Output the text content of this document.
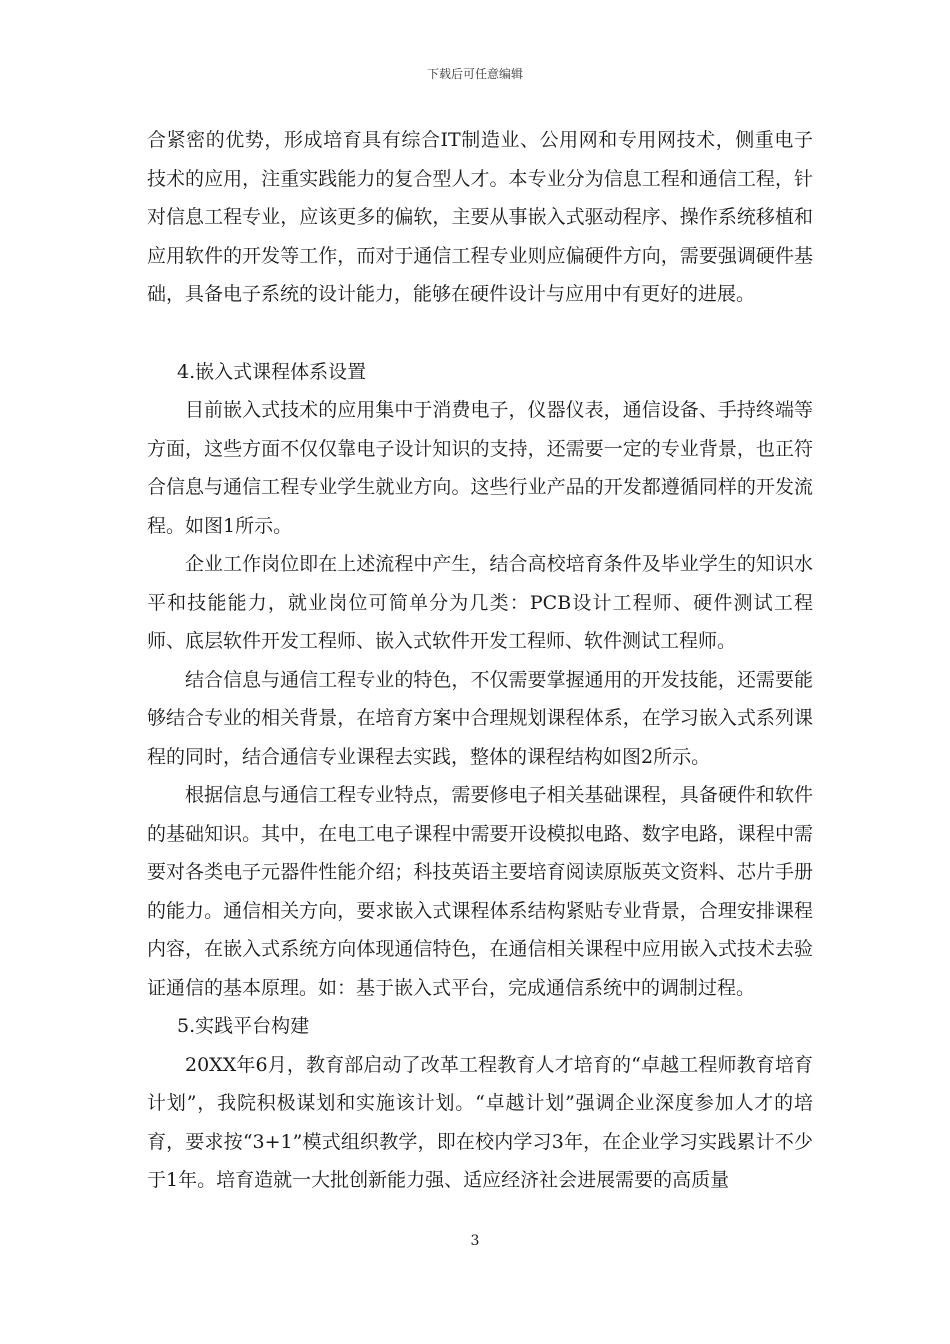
下载后可任意编辑

合紧密的优势，形成培育具有综合IT制造业、公用网和专用网技术，侧重电子技术的应用，注重实践能力的复合型人才。本专业分为信息工程和通信工程，针对信息工程专业，应该更多的偏软，主要从事嵌入式驱动程序、操作系统移植和应用软件的开发等工作，而对于通信工程专业则应偏硬件方向，需要强调硬件基础，具备电子系统的设计能力，能够在硬件设计与应用中有更好的进展。

4.嵌入式课程体系设置

目前嵌入式技术的应用集中于消费电子，仪器仪表，通信设备、手持终端等方面，这些方面不仅仅靠电子设计知识的支持，还需要一定的专业背景，也正符合信息与通信工程专业学生就业方向。这些行业产品的开发都遵循同样的开发流程。如图1所示。

企业工作岗位即在上述流程中产生，结合高校培育条件及毕业学生的知识水平和技能能力，就业岗位可简单分为几类：PCB设计工程师、硬件测试工程师、底层软件开发工程师、嵌入式软件开发工程师、软件测试工程师。

结合信息与通信工程专业的特色，不仅需要掌握通用的开发技能，还需要能够结合专业的相关背景，在培育方案中合理规划课程体系，在学习嵌入式系列课程的同时，结合通信专业课程去实践，整体的课程结构如图2所示。

根据信息与通信工程专业特点，需要修电子相关基础课程，具备硬件和软件的基础知识。其中，在电工电子课程中需要开设模拟电路、数字电路，课程中需要对各类电子元器件性能介绍；科技英语主要培育阅读原版英文资料、芯片手册的能力。通信相关方向，要求嵌入式课程体系结构紧贴专业背景，合理安排课程内容，在嵌入式系统方向体现通信特色，在通信相关课程中应用嵌入式技术去验证通信的基本原理。如：基于嵌入式平台，完成通信系统中的调制过程。

5.实践平台构建

20XX年6月，教育部启动了改革工程教育人才培育的“卓越工程师教育培育计划”，我院积极谋划和实施该计划。“卓越计划”强调企业深度参加人才的培育，要求按“3+1”模式组织教学，即在校内学习3年，在企业学习实践累计不少于1年。培育造就一大批创新能力强、适应经济社会进展需要的高质量

3
